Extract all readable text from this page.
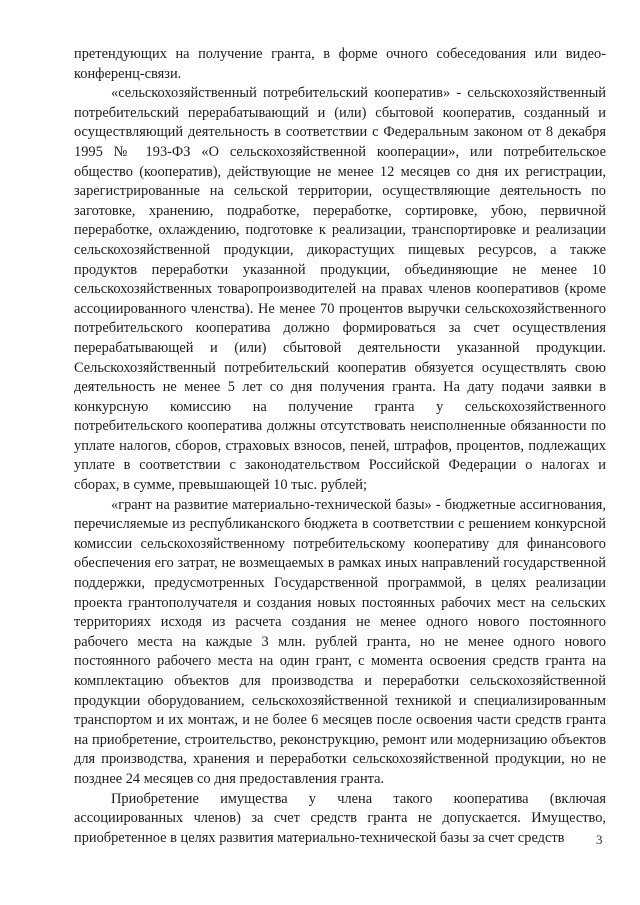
претендующих на получение гранта, в форме очного собеседования или видео-конференц-связи.

«сельскохозяйственный потребительский кооператив» - сельскохозяйственный потребительский перерабатывающий и (или) сбытовой кооператив, созданный и осуществляющий деятельность в соответствии с Федеральным законом от 8 декабря 1995 № 193-ФЗ «О сельскохозяйственной кооперации», или потребительское общество (кооператив), действующие не менее 12 месяцев со дня их регистрации, зарегистрированные на сельской территории, осуществляющие деятельность по заготовке, хранению, подработке, переработке, сортировке, убою, первичной переработке, охлаждению, подготовке к реализации, транспортировке и реализации сельскохозяйственной продукции, дикорастущих пищевых ресурсов, а также продуктов переработки указанной продукции, объединяющие не менее 10 сельскохозяйственных товаропроизводителей на правах членов кооперативов (кроме ассоциированного членства). Не менее 70 процентов выручки сельскохозяйственного потребительского кооператива должно формироваться за счет осуществления перерабатывающей и (или) сбытовой деятельности указанной продукции. Сельскохозяйственный потребительский кооператив обязуется осуществлять свою деятельность не менее 5 лет со дня получения гранта. На дату подачи заявки в конкурсную комиссию на получение гранта у сельскохозяйственного потребительского кооператива должны отсутствовать неисполненные обязанности по уплате налогов, сборов, страховых взносов, пеней, штрафов, процентов, подлежащих уплате в соответствии с законодательством Российской Федерации о налогах и сборах, в сумме, превышающей 10 тыс. рублей;

«грант на развитие материально-технической базы» - бюджетные ассигнования, перечисляемые из республиканского бюджета в соответствии с решением конкурсной комиссии сельскохозяйственному потребительскому кооперативу для финансового обеспечения его затрат, не возмещаемых в рамках иных направлений государственной поддержки, предусмотренных Государственной программой, в целях реализации проекта грантополучателя и создания новых постоянных рабочих мест на сельских территориях исходя из расчета создания не менее одного нового постоянного рабочего места на каждые 3 млн. рублей гранта, но не менее одного нового постоянного рабочего места на один грант, с момента освоения средств гранта на комплектацию объектов для производства и переработки сельскохозяйственной продукции оборудованием, сельскохозяйственной техникой и специализированным транспортом и их монтаж, и не более 6 месяцев после освоения части средств гранта на приобретение, строительство, реконструкцию, ремонт или модернизацию объектов для производства, хранения и переработки сельскохозяйственной продукции, но не позднее 24 месяцев со дня предоставления гранта.

Приобретение имущества у члена такого кооператива (включая ассоциированных членов) за счет средств гранта не допускается. Имущество, приобретенное в целях развития материально-технической базы за счет средств	3
